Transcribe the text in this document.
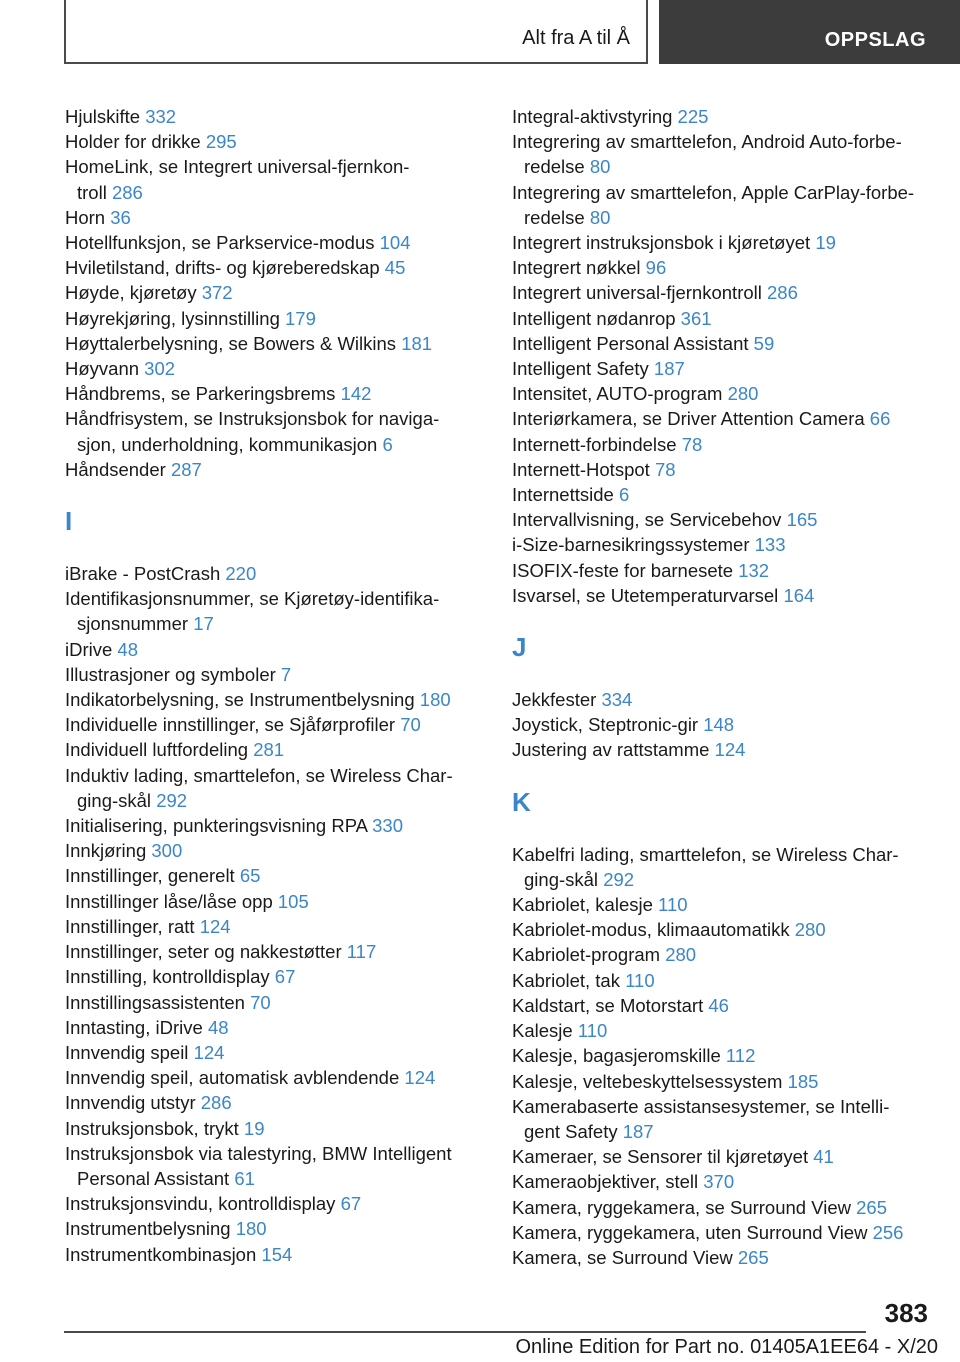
Alt fra A til Å	OPPSLAG
Hjulskifte 332
Holder for drikke 295
HomeLink, se Integrert universal-fjernkon-
troll 286
Horn 36
Hotellfunksjon, se Parkservice-modus 104
Hviletilstand, drifts- og kjøreberedskap 45
Høyde, kjøretøy 372
Høyrekjøring, lysinnstilling 179
Høyttalerbelysning, se Bowers & Wilkins 181
Høyvann 302
Håndbrems, se Parkeringsbrems 142
Håndfrisystem, se Instruksjonsbok for naviga-
sjon, underholdning, kommunikasjon 6
Håndsender 287
I
iBrake - PostCrash 220
Identifikasjonsnummer, se Kjøretøy-identifika-
sjonsnummer 17
iDrive 48
Illustrasjoner og symboler 7
Indikatorbelysning, se Instrumentbelysning 180
Individuelle innstillinger, se Sjåførprofiler 70
Individuell luftfordeling 281
Induktiv lading, smarttelefon, se Wireless Char-
ging-skål 292
Initialisering, punkteringsvisning RPA 330
Innkjøring 300
Innstillinger, generelt 65
Innstillinger låse/låse opp 105
Innstillinger, ratt 124
Innstillinger, seter og nakkestøtter 117
Innstilling, kontrolldisplay 67
Innstillingsassistenten 70
Inntasting, iDrive 48
Innvendig speil 124
Innvendig speil, automatisk avblendende 124
Innvendig utstyr 286
Instruksjonsbok, trykt 19
Instruksjonsbok via talestyring, BMW Intelligent
Personal Assistant 61
Instruksjonsvindu, kontrolldisplay 67
Instrumentbelysning 180
Instrumentkombinasjon 154
Integral-aktivstyring 225
Integrering av smarttelefon, Android Auto-forbe-
redelse 80
Integrering av smarttelefon, Apple CarPlay-forbe-
redelse 80
Integrert instruksjonsbok i kjøretøyet 19
Integrert nøkkel 96
Integrert universal-fjernkontroll 286
Intelligent nødanrop 361
Intelligent Personal Assistant 59
Intelligent Safety 187
Intensitet, AUTO-program 280
Interiørkamera, se Driver Attention Camera 66
Internett-forbindelse 78
Internett-Hotspot 78
Internettside 6
Intervallvisning, se Servicebehov 165
i-Size-barnesikringssystemer 133
ISOFIX-feste for barnesete 132
Isvarsel, se Utetemperaturvarsel 164
J
Jekkfester 334
Joystick, Steptronic-gir 148
Justering av rattstamme 124
K
Kabelfri lading, smarttelefon, se Wireless Char-
ging-skål 292
Kabriolet, kalesje 110
Kabriolet-modus, klimaautomatikk 280
Kabriolet-program 280
Kabriolet, tak 110
Kaldstart, se Motorstart 46
Kalesje 110
Kalesje, bagasjeromskille 112
Kalesje, veltebeskyttelsessystem 185
Kamerabaserte assistansesystemer, se Intelli-
gent Safety 187
Kameraer, se Sensorer til kjøretøyet 41
Kameraobjektiver, stell 370
Kamera, ryggekamera, se Surround View 265
Kamera, ryggekamera, uten Surround View 256
Kamera, se Surround View 265
383
Online Edition for Part no. 01405A1EE64 - X/20
